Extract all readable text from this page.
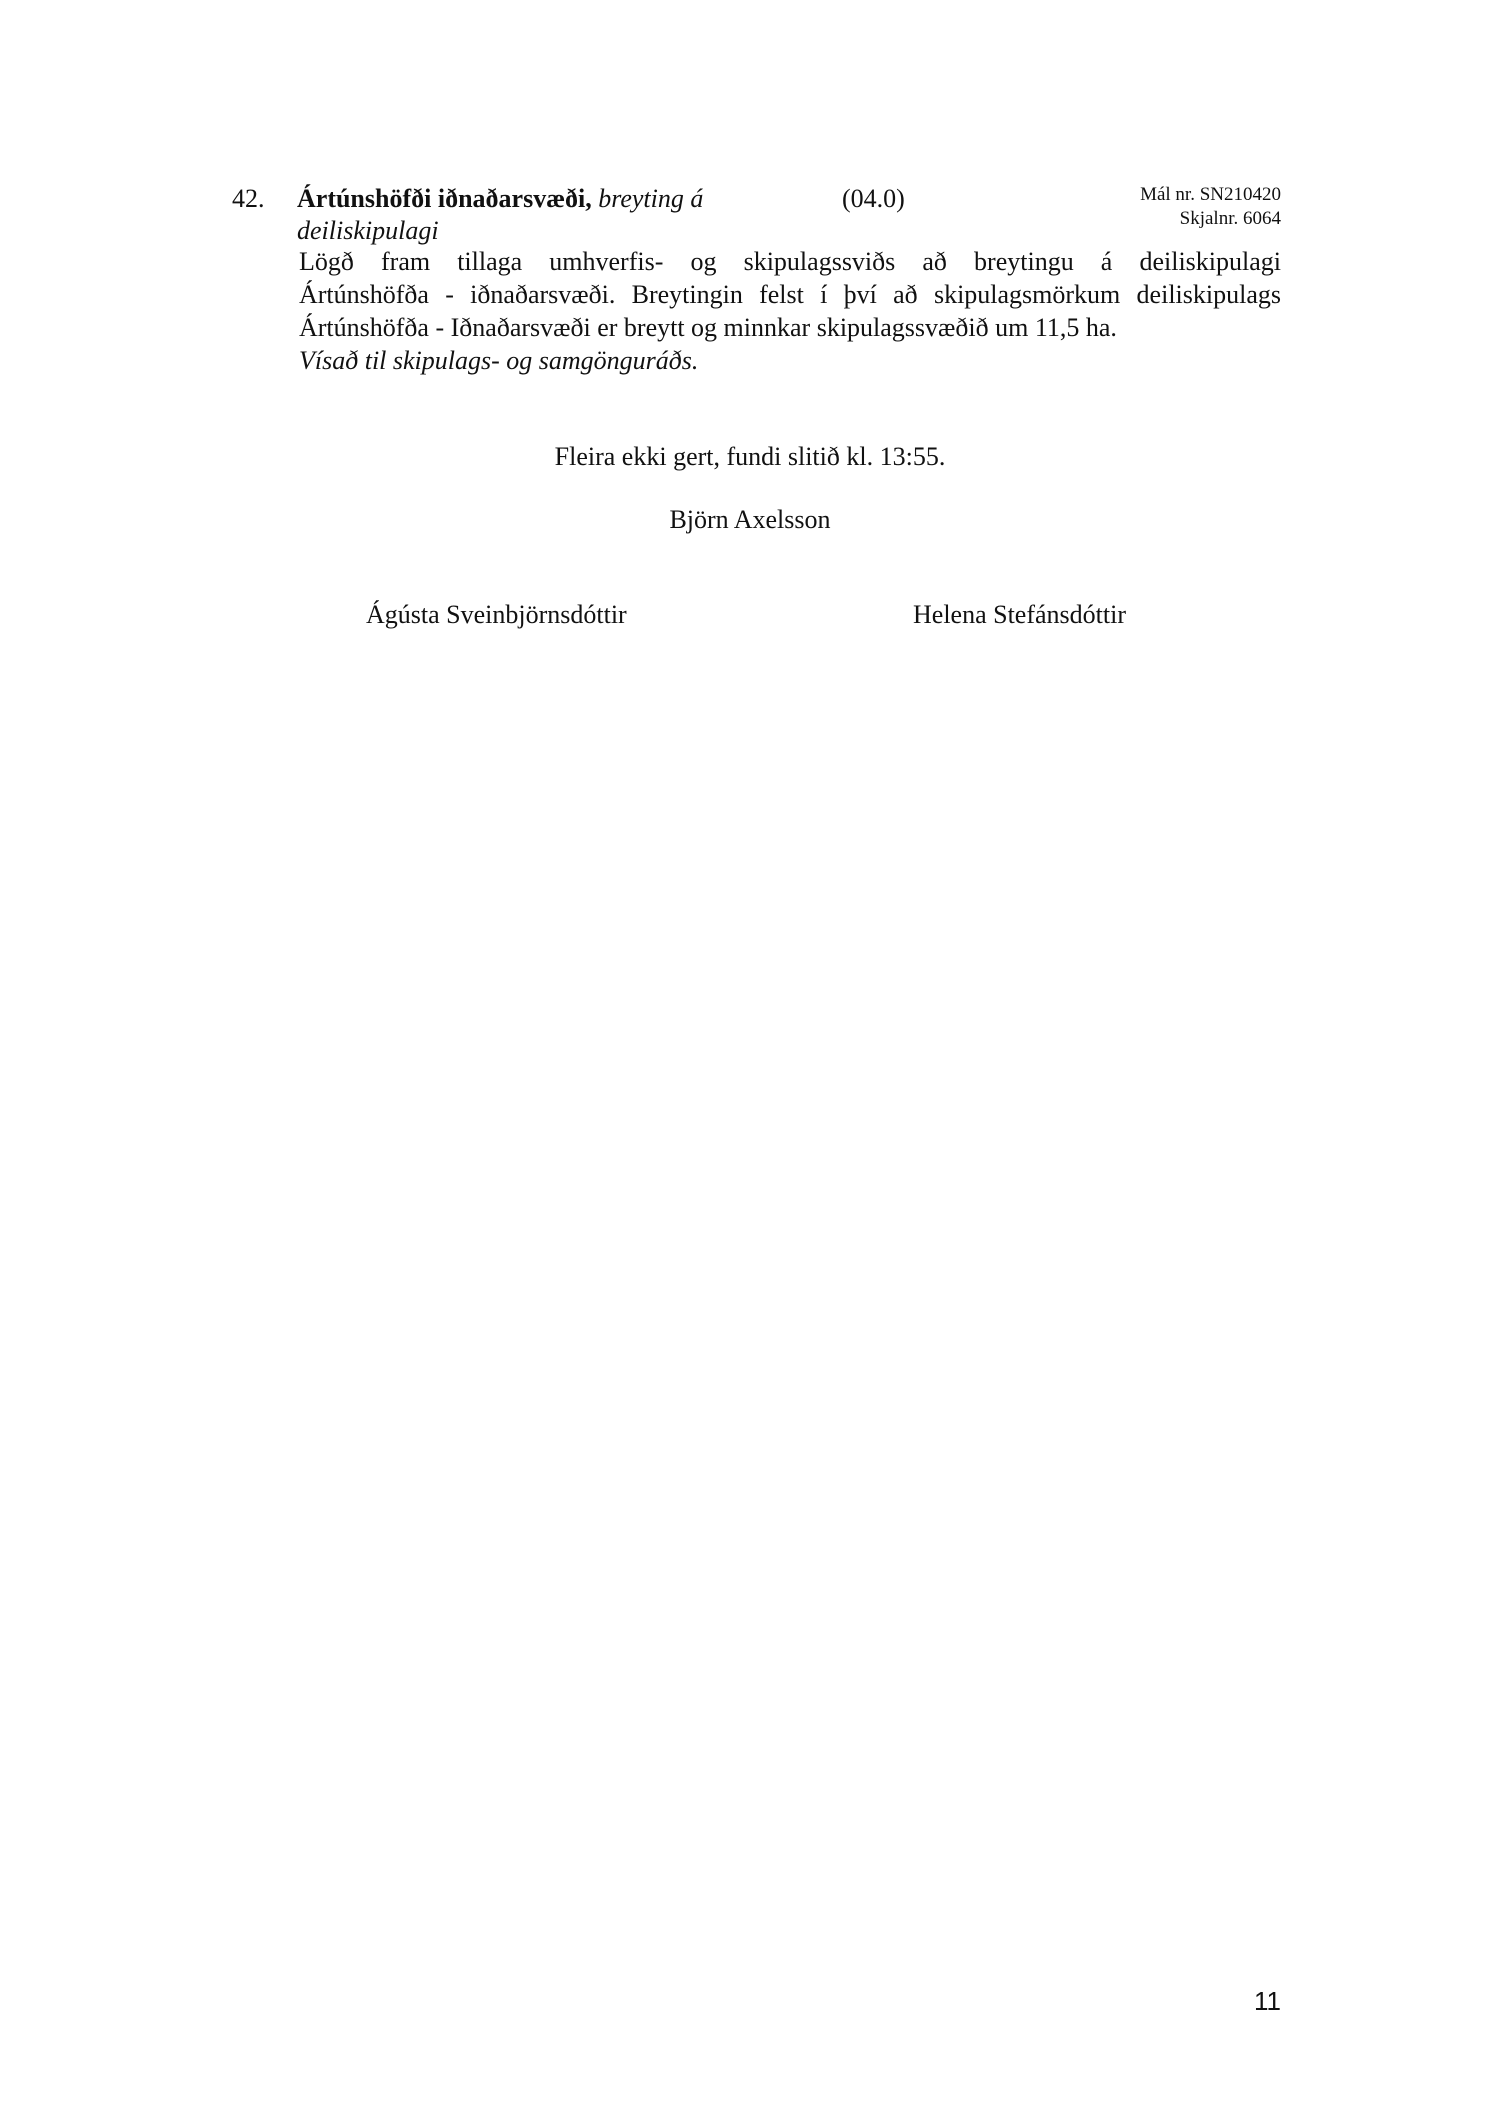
42. Ártúnshöfði iðnaðarsvæði, breyting á
deiliskipulagi
(04.0)	Mál nr. SN210420
Skjalnr. 6064
Lögð fram tillaga umhverfis- og skipulagssviðs að breytingu á deiliskipulagi
Ártúnshöfða - iðnaðarsvæði. Breytingin felst í því að skipulagsmörkum deiliskipulags
Ártúnshöfða - Iðnaðarsvæði er breytt og minnkar skipulagssvæðið um 11,5 ha.
Vísað til skipulags- og samgönguráðs.
Fleira ekki gert, fundi slitið kl. 13:55.
Björn Axelsson
Ágústa Sveinbjörnsdóttir	Helena Stefánsdóttir
11
